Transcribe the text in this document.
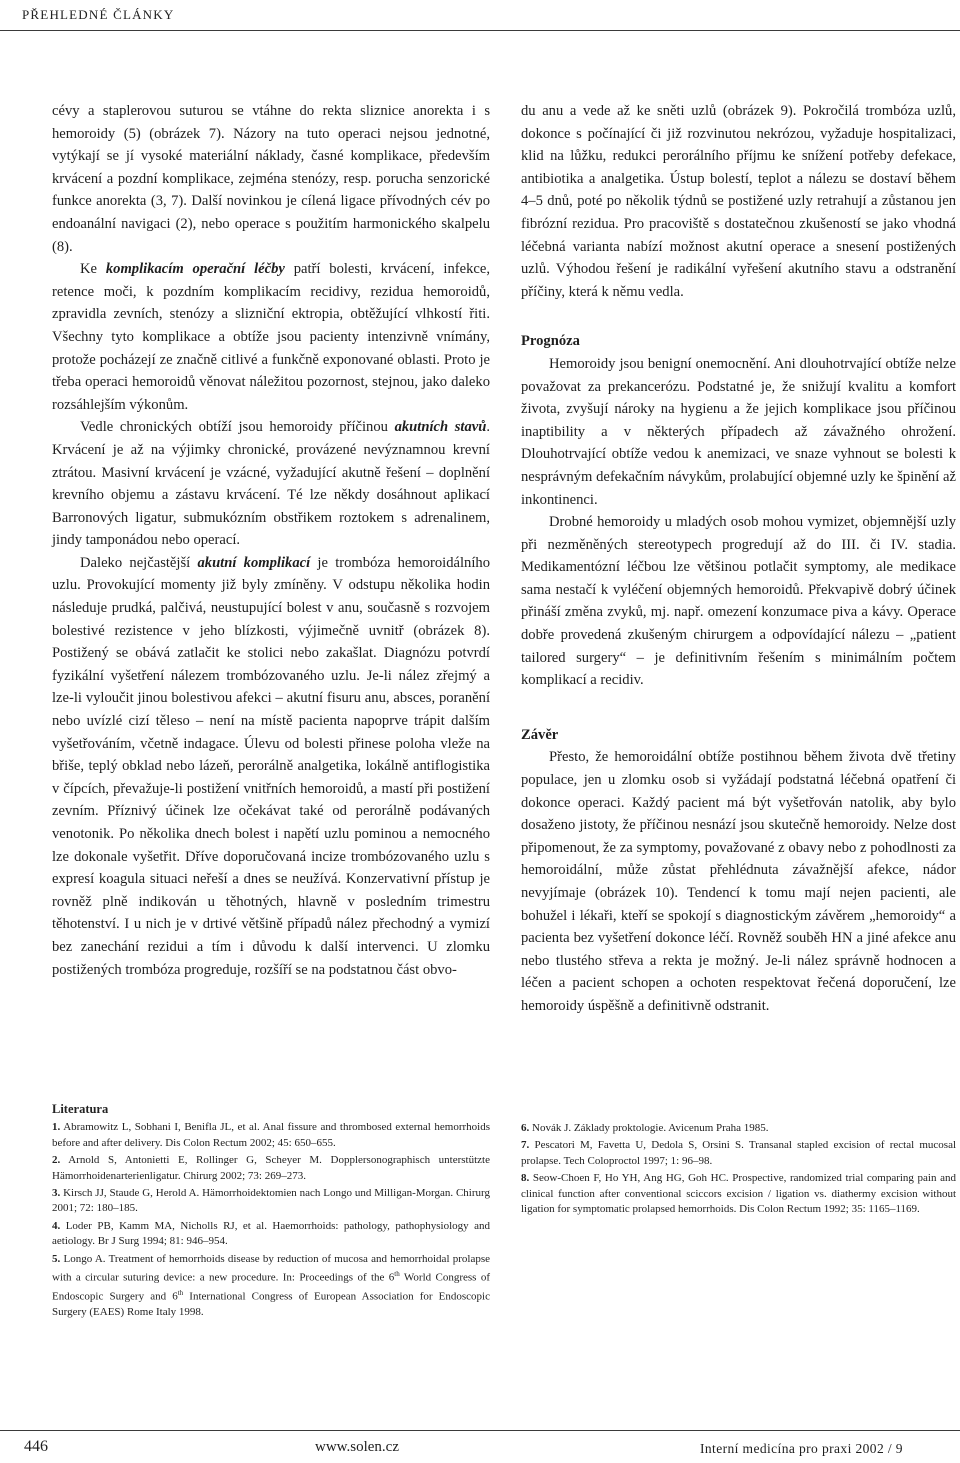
PŘEHLEDNÉ ČLÁNKY

cévy a staplerovou suturou se vtáhne do rekta sliznice anorekta i s hemoroidy (5) (obrázek 7). Názory na tuto operaci nejsou jednotné, vytýkají se jí vysoké materiální náklady, časné komplikace, především krvácení a pozdní komplikace, zejména stenózy, resp. porucha senzorické funkce anorekta (3, 7). Další novinkou je cílená ligace přívodných cév po endoanální navigaci (2), nebo operace s použitím harmonického skalpelu (8).

Ke komplikacím operační léčby patří bolesti, krvácení, infekce, retence moči, k pozdním komplikacím recidivy, rezidua hemoroidů, zpravidla zevních, stenózy a slizniční ektropia, obtěžující vlhkostí řiti. Všechny tyto komplikace a obtíže jsou pacienty intenzivně vnímány, protože pocházejí ze značně citlivé a funkčně exponované oblasti. Proto je třeba operaci hemoroidů věnovat náležitou pozornost, stejnou, jako daleko rozsáhlejším výkonům.

Vedle chronických obtíží jsou hemoroidy příčinou akutních stavů. Krvácení je až na výjimky chronické, provázené nevýznamnou krevní ztrátou. Masivní krvácení je vzácné, vyžadující akutně řešení – doplnění krevního objemu a zástavu krvácení. Té lze někdy dosáhnout aplikací Barronových ligatur, submukózním obstřikem roztokem s adrenalinem, jindy tamponádou nebo operací.

Daleko nejčastější akutní komplikací je trombóza hemoroidálního uzlu. Provokující momenty již byly zmíněny. V odstupu několika hodin následuje prudká, palčivá, neustupující bolest v anu, současně s rozvojem bolestivé rezistence v jeho blízkosti, výjimečně uvnitř (obrázek 8). Postižený se obává zatlačit ke stolici nebo zakašlat. Diagnózu potvrdí fyzikální vyšetření nálezem trombózovaného uzlu. Je-li nález zřejmý a lze-li vyloučit jinou bolestivou afekci – akutní fisuru anu, absces, poranění nebo uvízlé cizí těleso – není na místě pacienta napoprve trápit dalším vyšetřováním, včetně indagace. Úlevu od bolesti přinese poloha vleže na břiše, teplý obklad nebo lázeň, perorálně analgetika, lokálně antiflogistika v čípcích, převažuje-li postižení vnitřních hemoroidů, a mastí při postižení zevním. Příznivý účinek lze očekávat také od perorálně podávaných venotonik. Po několika dnech bolest i napětí uzlu pominou a nemocného lze dokonale vyšetřit. Dříve doporučovaná incize trombózovaného uzlu s expresí koagula situaci neřeší a dnes se neužívá. Konzervativní přístup je rovněž plně indikován u těhotných, hlavně v posledním trimestru těhotenství. I u nich je v drtivé většině případů nález přechodný a vymizí bez zanechání rezidui a tím i důvodu k další intervenci. U zlomku postižených trombóza progreduje, rozšíří se na podstatnou část obvo-

du anu a vede až ke sněti uzlů (obrázek 9). Pokročilá trombóza uzlů, dokonce s počínající či již rozvinutou nekrózou, vyžaduje hospitalizaci, klid na lůžku, redukci perorálního příjmu ke snížení potřeby defekace, antibiotika a analgetika. Ústup bolestí, teplot a nálezu se dostaví během 4–5 dnů, poté po několik týdnů se postižené uzly retrahují a zůstanou jen fibrózní rezidua. Pro pracoviště s dostatečnou zkušeností se jako vhodná léčebná varianta nabízí možnost akutní operace a snesení postižených uzlů. Výhodou řešení je radikální vyřešení akutního stavu a odstranění příčiny, která k němu vedla.

Prognóza

Hemoroidy jsou benigní onemocnění. Ani dlouhotrvající obtíže nelze považovat za prekancerózu. Podstatné je, že snižují kvalitu a komfort života, zvyšují nároky na hygienu a že jejich komplikace jsou příčinou inaptibility a v některých případech až závažného ohrožení. Dlouhotrvající obtíže vedou k anemizaci, ve snaze vyhnout se bolesti k nesprávným defekačním návykům, prolabující objemné uzly ke špinění až inkontinenci.

Drobné hemoroidy u mladých osob mohou vymizet, objemnější uzly při nezměněných stereotypech progredují až do III. či IV. stadia. Medikamentózní léčbou lze většinou potlačit symptomy, ale medikace sama nestačí k vyléčení objemných hemoroidů. Překvapivě dobrý účinek přináší změna zvyků, mj. např. omezení konzumace piva a kávy. Operace dobře provedená zkušeným chirurgem a odpovídající nálezu – „patient tailored surgery“ – je definitivním řešením s minimálním počtem komplikací a recidiv.

Závěr

Přesto, že hemoroidální obtíže postihnou během života dvě třetiny populace, jen u zlomku osob si vyžádají podstatná léčebná opatření či dokonce operaci. Každý pacient má být vyšetřován natolik, aby bylo dosaženo jistoty, že příčinou nesnází jsou skutečně hemoroidy. Nelze dost připomenout, že za symptomy, považované z obavy nebo z pohodlnosti za hemoroidální, může zůstat přehlédnuta závažnější afekce, nádor nevyjímaje (obrázek 10). Tendencí k tomu mají nejen pacienti, ale bohužel i lékaři, kteří se spokojí s diagnostickým závěrem „hemoroidy“ a pacienta bez vyšetření dokonce léčí. Rovněž souběh HN a jiné afekce anu nebo tlustého střeva a rekta je možný. Je-li nález správně hodnocen a léčen a pacient schopen a ochoten respektovat řečená doporučení, lze hemoroidy úspěšně a definitivně odstranit.

Literatura
1. Abramowitz L, Sobhani I, Benifla JL, et al. Anal fissure and thrombosed external hemorrhoids before and after delivery. Dis Colon Rectum 2002; 45: 650–655.
2. Arnold S, Antonietti E, Rollinger G, Scheyer M. Dopplersonographisch unterstützte Hämorrhoidenarterienligatur. Chirurg 2002; 73: 269–273.
3. Kirsch JJ, Staude G, Herold A. Hämorrhoidektomien nach Longo und Milligan-Morgan. Chirurg 2001; 72: 180–185.
4. Loder PB, Kamm MA, Nicholls RJ, et al. Haemorrhoids: pathology, pathophysiology and aetiology. Br J Surg 1994; 81: 946–954.
5. Longo A. Treatment of hemorrhoids disease by reduction of mucosa and hemorrhoidal prolapse with a circular suturing device: a new procedure. In: Proceedings of the 6th World Congress of Endoscopic Surgery and 6th International Congress of European Association for Endoscopic Surgery (EAES) Rome Italy 1998.
6. Novák J. Základy proktologie. Avicenum Praha 1985.
7. Pescatori M, Favetta U, Dedola S, Orsini S. Transanal stapled excision of rectal mucosal prolapse. Tech Coloproctol 1997; 1: 96–98.
8. Seow-Choen F, Ho YH, Ang HG, Goh HC. Prospective, randomized trial comparing pain and clinical function after conventional sciccors excision / ligation vs. diathermy excision without ligation for symptomatic prolapsed hemorrhoids. Dis Colon Rectum 1992; 35: 1165–1169.
446	www.solen.cz	Interní medicína pro praxi 2002 / 9
